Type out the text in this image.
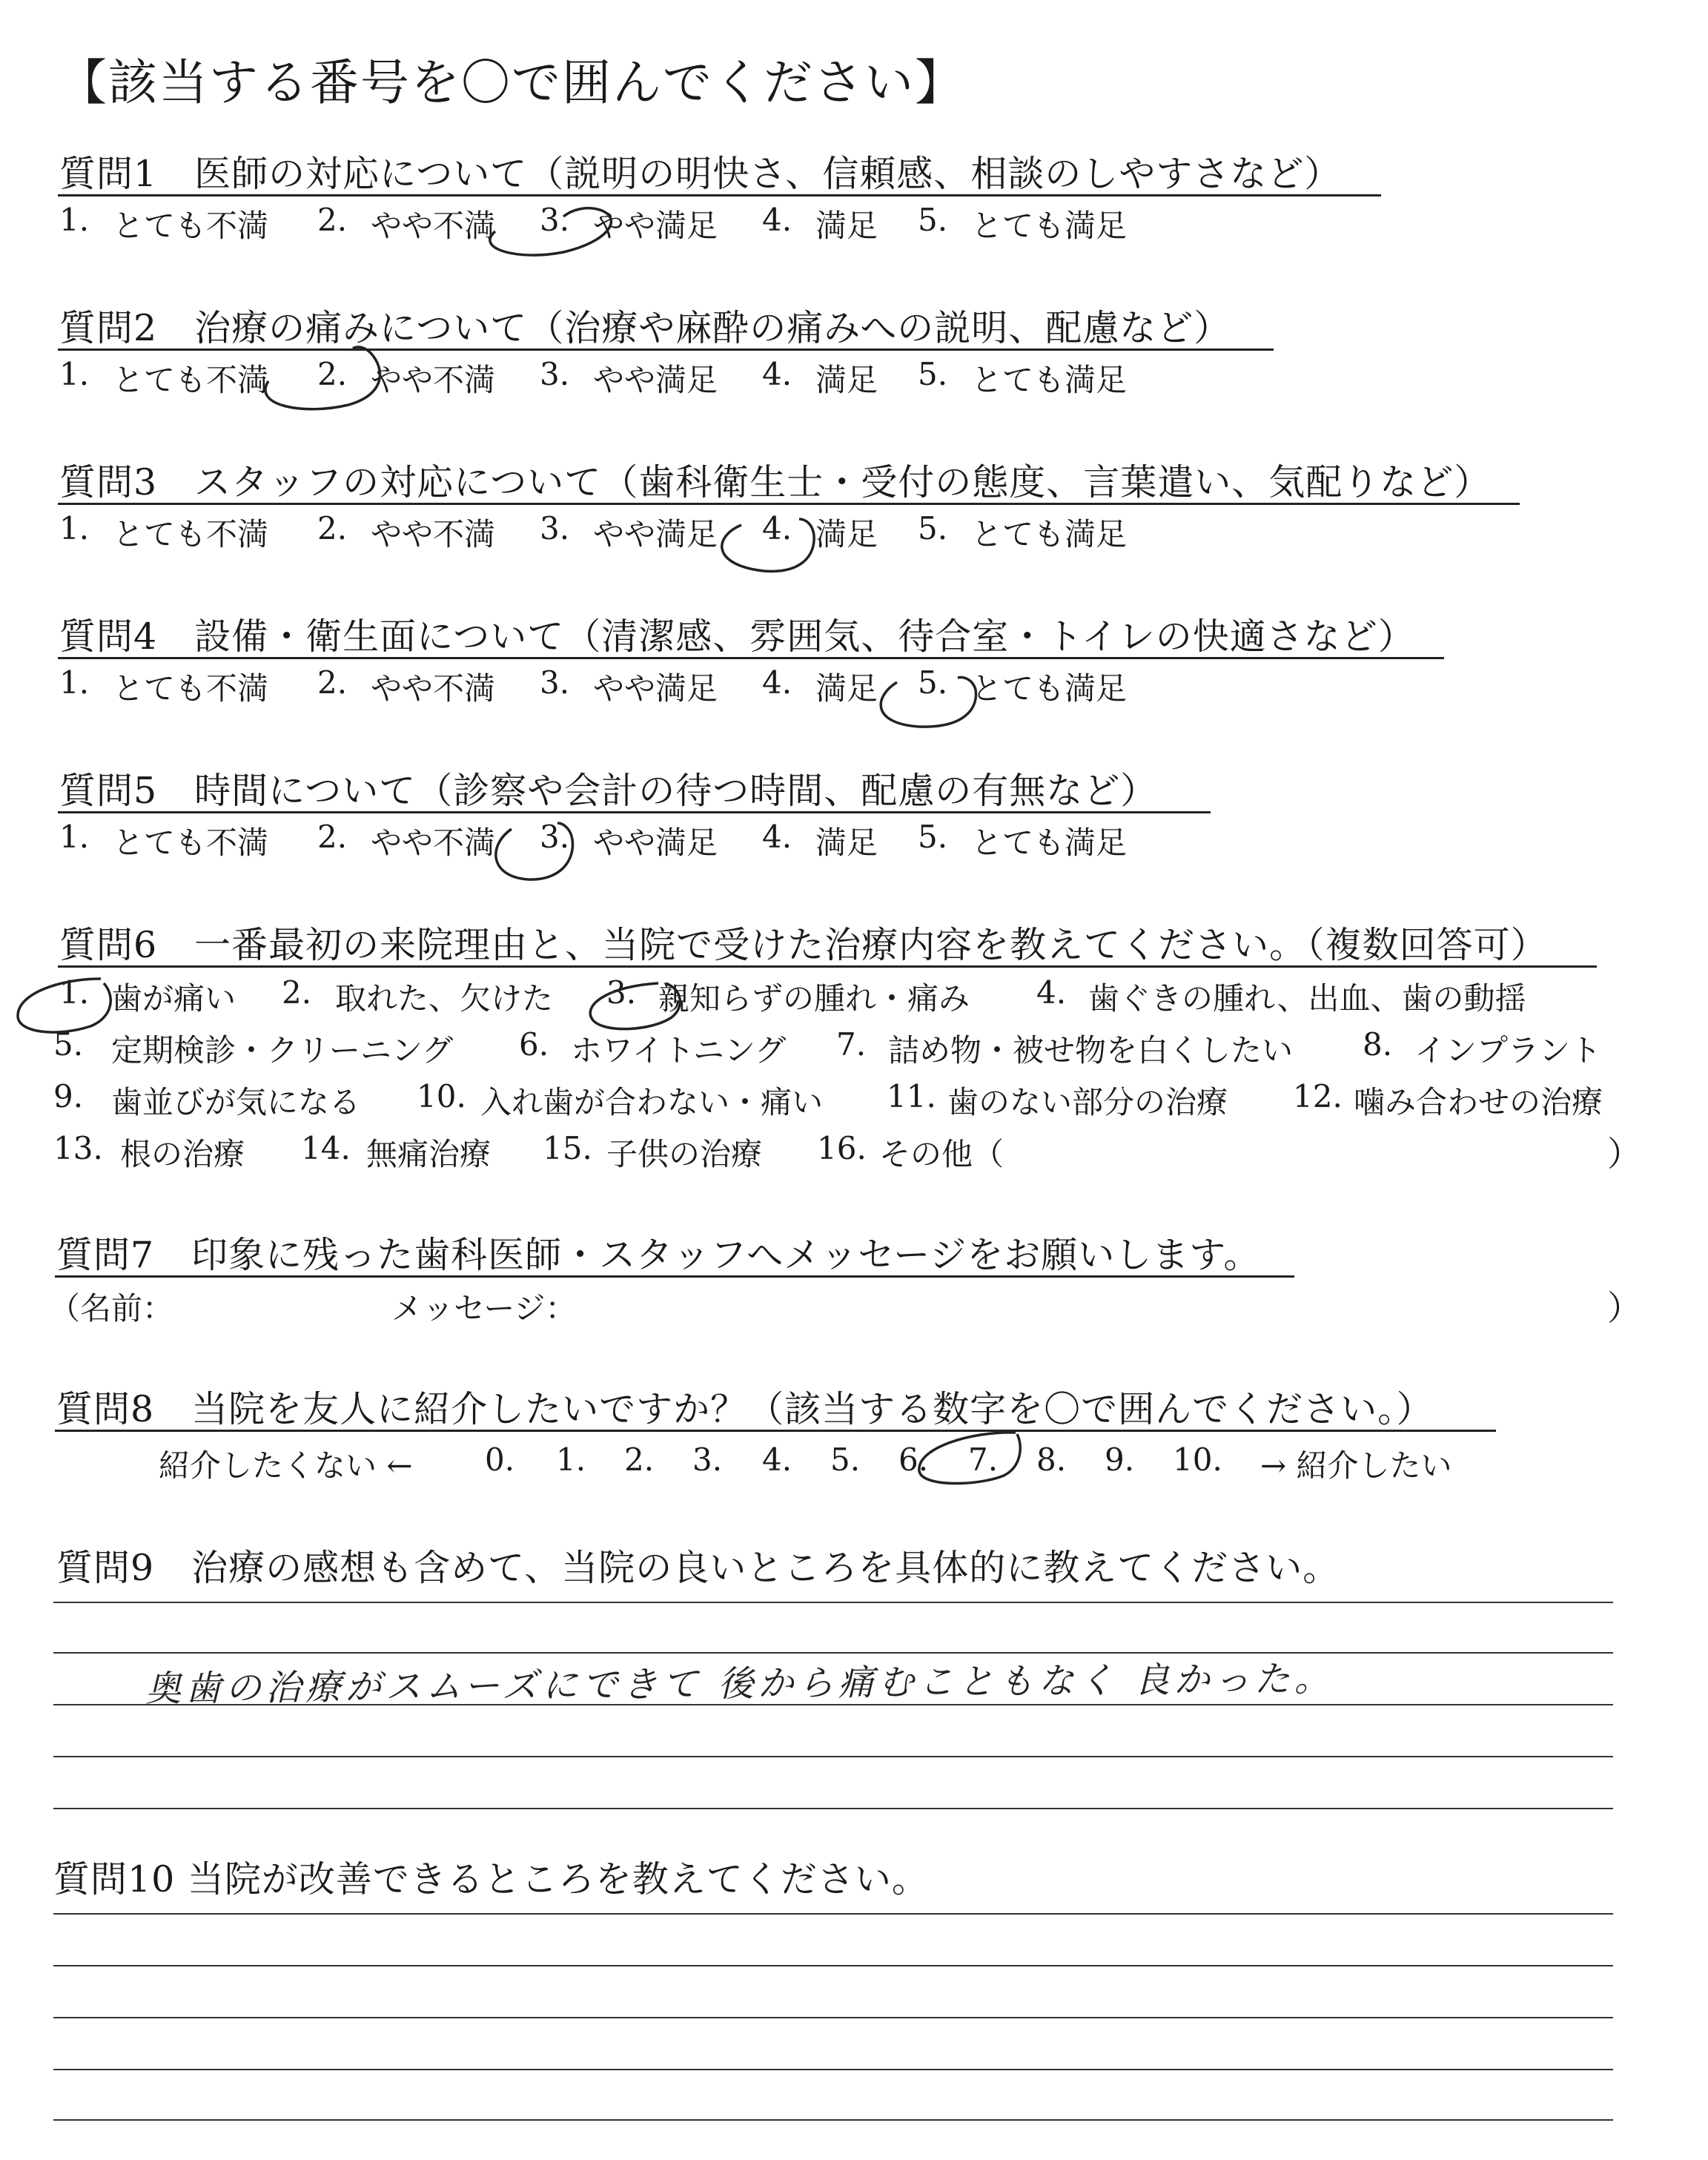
【該当する番号を〇で囲んでください】
質問1　医師の対応について（説明の明快さ、信頼感、相談のしやすさなど）
1. とても不満 2. やや不満 3. やや満足 4. 満足 5. とても満足
質問2　治療の痛みについて（治療や麻酔の痛みへの説明、配慮など）
1. とても不満 2. やや不満 3. やや満足 4. 満足 5. とても満足
質問3　スタッフの対応について（歯科衛生士・受付の態度、言葉遣い、気配りなど）
1. とても不満 2. やや不満 3. やや満足 4. 満足 5. とても満足
質問4　設備・衛生面について（清潔感、雰囲気、待合室・トイレの快適さなど）
1. とても不満 2. やや不満 3. やや満足 4. 満足 5. とても満足
質問5　時間について（診察や会計の待つ時間、配慮の有無など）
1. とても不満 2. やや不満 3. やや満足 4. 満足 5. とても満足
質問6　一番最初の来院理由と、当院で受けた治療内容を教えてください。（複数回答可）
1. 歯が痛い 2. 取れた、欠けた 3. 親知らずの腫れ・痛み 4. 歯ぐきの腫れ、出血、歯の動揺
5. 定期検診・クリーニング 6. ホワイトニング 7. 詰め物・被せ物を白くしたい 8. インプラント
9. 歯並びが気になる 10. 入れ歯が合わない・痛い 11. 歯のない部分の治療 12. 噛み合わせの治療
13. 根の治療 14. 無痛治療 15. 子供の治療 16. その他（	）
質問7　印象に残った歯科医師・スタッフへメッセージをお願いします。
（名前：	メッセージ：	）
質問8　当院を友人に紹介したいですか？（該当する数字を〇で囲んでください。）
紹介したくない ← 0. 1. 2. 3. 4. 5. 6. 7. 8. 9. 10. → 紹介したい
質問9　治療の感想も含めて、当院の良いところを具体的に教えてください。
奥歯の治療がスムーズにできて 後から痛むこともなく 良かった。
質問10 当院が改善できるところを教えてください。
